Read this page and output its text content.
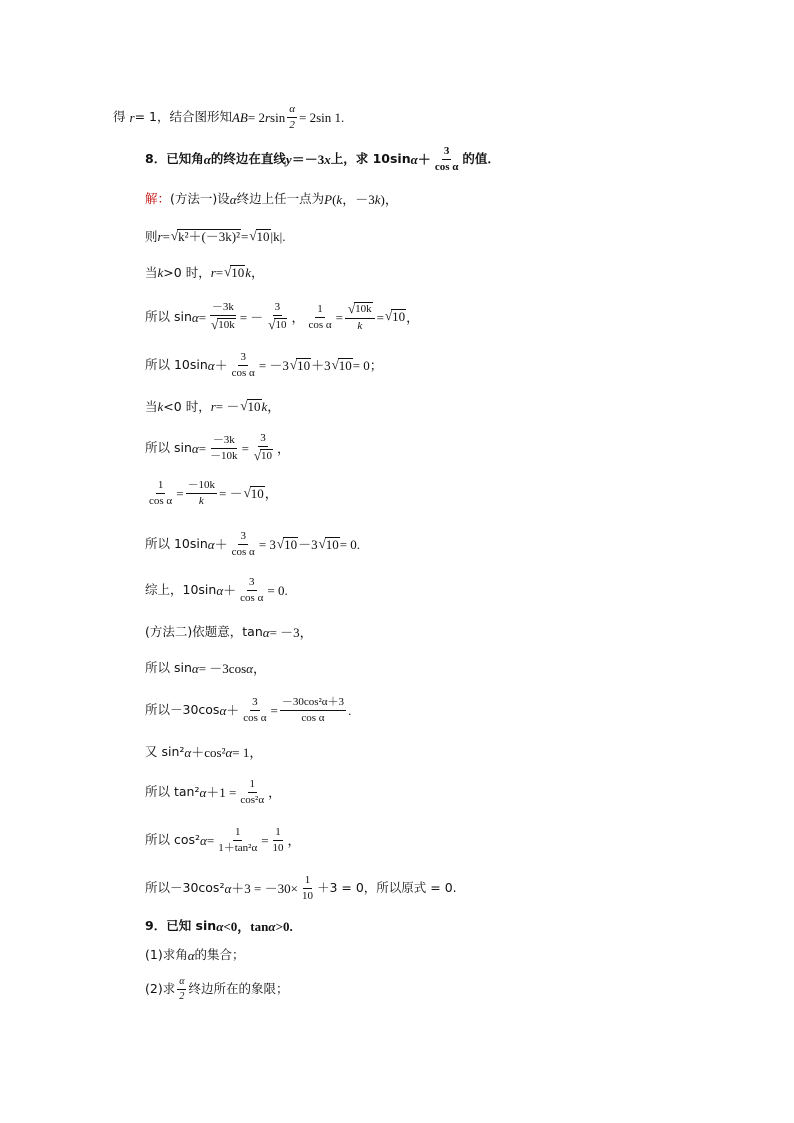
得 r = 1，结合图形知 AB = 2 r $\sin \frac{\alpha}{2} = 2\sin$ 1.
8．已知角 α 的终边在直线 y ＝－3 x 上，求 10sin $\alpha + \frac{3}{\text{cos α}}$ 的值．
解： (方法一)设 α 终边上任一点为 P ( k ，－3 k )，
则 r = √ k²＋(－3k)² = √ 10 |k|.
当 k >0 时， r = √ 10 k ，
所以 $\sin \alpha = \frac{-3k}{√ 10k}$ = － $\frac{3}{√ 10}$ ， $\frac{1}{\text{cos α}} = \frac{√ 10k}{k}$ = √ 10 ，
所以 10sin $\alpha + \frac{3}{\text{cos α}} = -3$ √ 10 ＋3 √ 10 = 0；
当 k <0 时， r = － √ 10 k ，
所以 $\sin \alpha = \frac{-3k}{-10k} = \frac{3}{√ 10}$ ，
$\frac{1}{\text{cos α}} = \frac{-10k}{k}$ = － √ 10 ，
所以 10sin $\alpha + \frac{3}{\text{cos α}} = 3$ √ 10 －3 √ 10 = 0.
综上，10sin $\alpha + \frac{3}{\text{cos α}} = 0$.
(方法二)依题意，tan α = －3，
所以 sin α = －3cos α ，
所以－30cos $\alpha + \frac{3}{\text{cos α}} = \frac{\text{－30cos²α＋3}}{\text{cos α}}$ .
又 sin² α ＋cos² α = 1，
所以 tan² $\alpha +1 = \frac{1}{\text{cos²α}}$ ，
所以 cos² $\alpha = \frac{1}{\text{1＋tan²α}} = \frac{1}{10}$ ，
所以－30cos² $\alpha +3 = -30\times \frac{1}{10} +3 = 0$，所以原式 = 0.
9．已知 sin α <0，tan α >0.
(1)求角 α 的集合；
(2)求 $\frac{\alpha}{2}$ 终边所在的象限；
